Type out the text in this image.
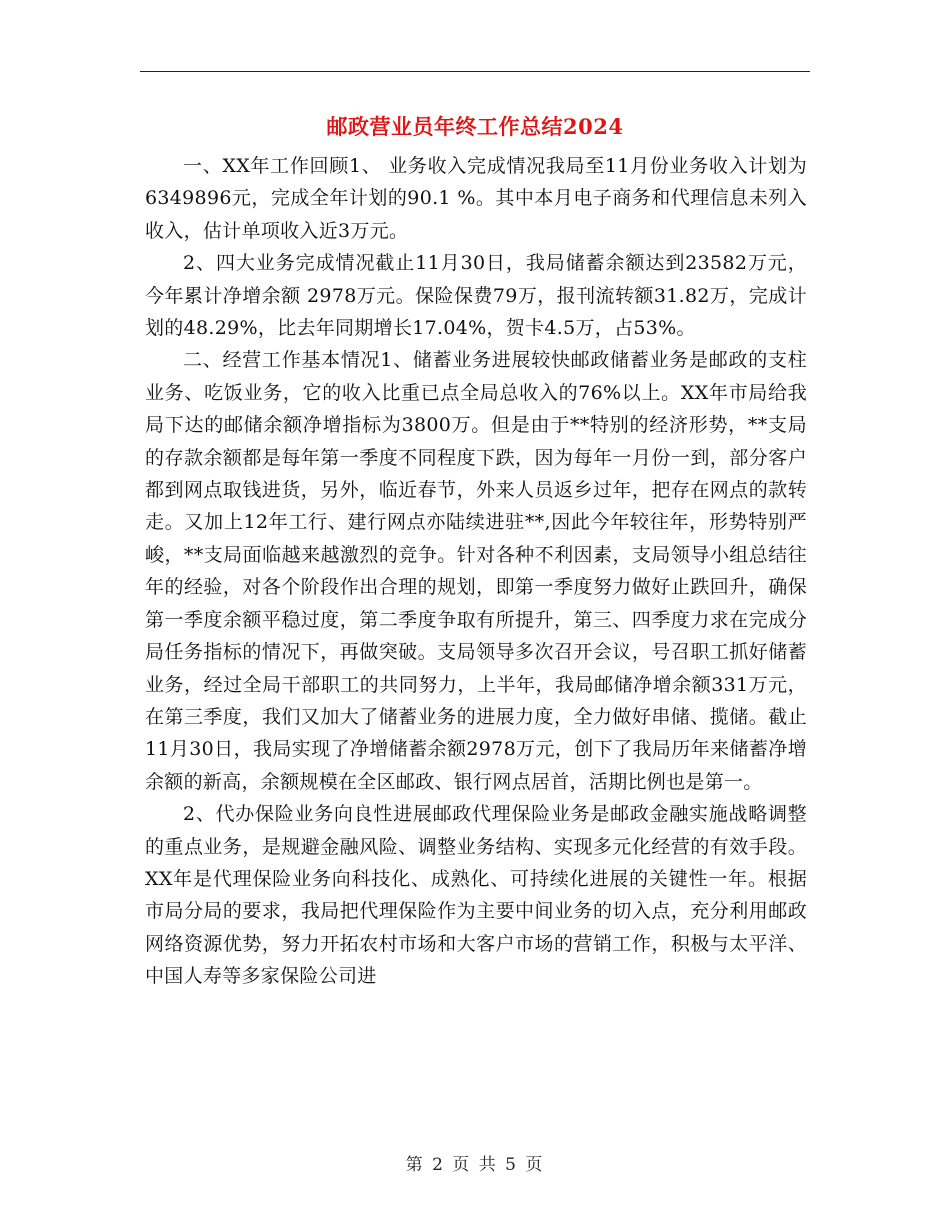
邮政营业员年终工作总结2024

一、XX年工作回顾1、 业务收入完成情况我局至11月份业务收入计划为 6349896元，完成全年计划的90.1 %。其中本月电子商务和代理信息未列入收入，估计单项收入近3万元。

2、四大业务完成情况截止11月30日，我局储蓄余额达到23582万元，今年累计净增余额 2978万元。保险保费79万，报刊流转额31.82万，完成计划的48.29%，比去年同期增长17.04%，贺卡4.5万，占53%。

二、经营工作基本情况1、储蓄业务进展较快邮政储蓄业务是邮政的支柱业务、吃饭业务，它的收入比重已点全局总收入的76%以上。XX年市局给我局下达的邮储余额净增指标为3800万。但是由于**特别的经济形势，**支局的存款余额都是每年第一季度不同程度下跌，因为每年一月份一到，部分客户都到网点取钱进货，另外，临近春节，外来人员返乡过年，把存在网点的款转走。又加上12年工行、建行网点亦陆续进驻**,因此今年较往年，形势特别严峻，**支局面临越来越激烈的竞争。针对各种不利因素，支局领导小组总结往年的经验，对各个阶段作出合理的规划，即第一季度努力做好止跌回升，确保第一季度余额平稳过度，第二季度争取有所提升，第三、四季度力求在完成分局任务指标的情况下，再做突破。支局领导多次召开会议，号召职工抓好储蓄业务，经过全局干部职工的共同努力，上半年，我局邮储净增余额331万元，在第三季度，我们又加大了储蓄业务的进展力度，全力做好串储、揽储。截止11月30日，我局实现了净增储蓄余额2978万元，创下了我局历年来储蓄净增余额的新高，余额规模在全区邮政、银行网点居首，活期比例也是第一。

2、代办保险业务向良性进展邮政代理保险业务是邮政金融实施战略调整的重点业务，是规避金融风险、调整业务结构、实现多元化经营的有效手段。XX年是代理保险业务向科技化、成熟化、可持续化进展的关键性一年。根据市局分局的要求，我局把代理保险作为主要中间业务的切入点，充分利用邮政网络资源优势，努力开拓农村市场和大客户市场的营销工作，积极与太平洋、中国人寿等多家保险公司进

第 2 页 共 5 页
